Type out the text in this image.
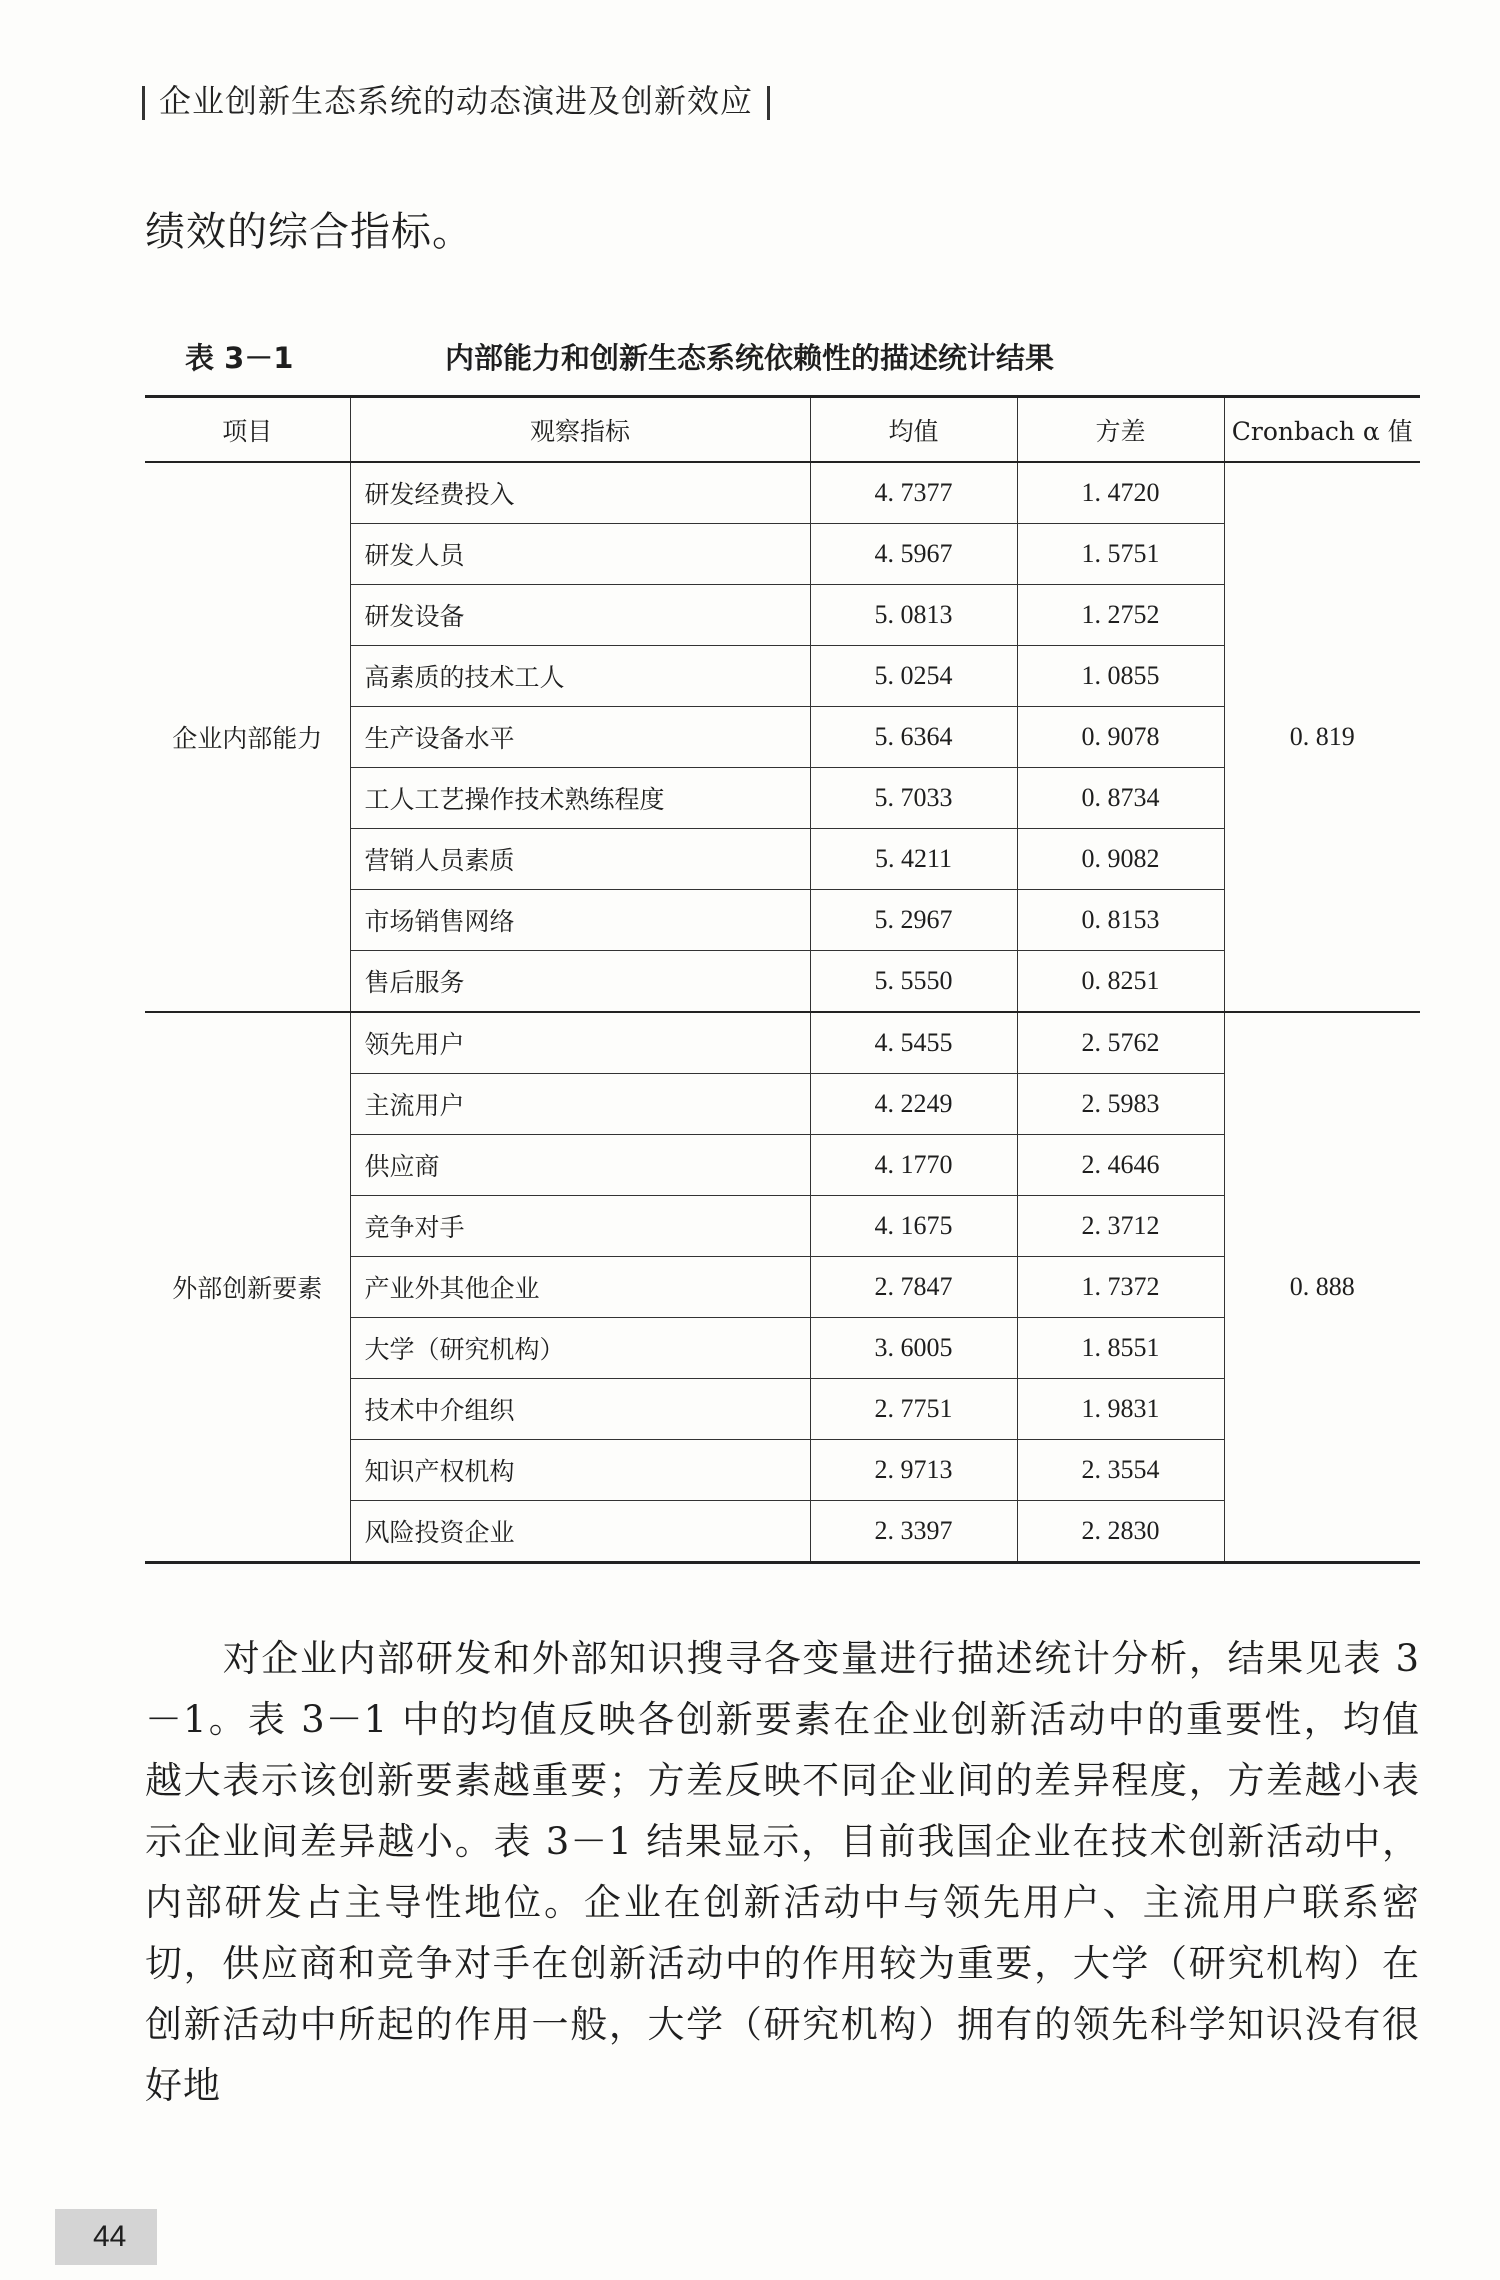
企业创新生态系统的动态演进及创新效应
绩效的综合指标。
表 3－1	内部能力和创新生态系统依赖性的描述统计结果
项目	观察指标	均值	方差	Cronbach α 值
企业内部能力	研发经费投入	4. 7377	1. 4720	0. 819
	研发人员	4. 5967	1. 5751	
	研发设备	5. 0813	1. 2752	
	高素质的技术工人	5. 0254	1. 0855	
	生产设备水平	5. 6364	0. 9078	
	工人工艺操作技术熟练程度	5. 7033	0. 8734	
	营销人员素质	5. 4211	0. 9082	
	市场销售网络	5. 2967	0. 8153	
	售后服务	5. 5550	0. 8251	
外部创新要素	领先用户	4. 5455	2. 5762	0. 888
	主流用户	4. 2249	2. 5983	
	供应商	4. 1770	2. 4646	
	竞争对手	4. 1675	2. 3712	
	产业外其他企业	2. 7847	1. 7372	
	大学（研究机构）	3. 6005	1. 8551	
	技术中介组织	2. 7751	1. 9831	
	知识产权机构	2. 9713	2. 3554	
	风险投资企业	2. 3397	2. 2830	
对企业内部研发和外部知识搜寻各变量进行描述统计分析，结果见表 3－1。表 3－1 中的均值反映各创新要素在企业创新活动中的重要性，均值越大表示该创新要素越重要；方差反映不同企业间的差异程度，方差越小表示企业间差异越小。表 3－1 结果显示，目前我国企业在技术创新活动中，内部研发占主导性地位。企业在创新活动中与领先用户、主流用户联系密切，供应商和竞争对手在创新活动中的作用较为重要，大学（研究机构）在创新活动中所起的作用一般，大学（研究机构）拥有的领先科学知识没有很好地
44
